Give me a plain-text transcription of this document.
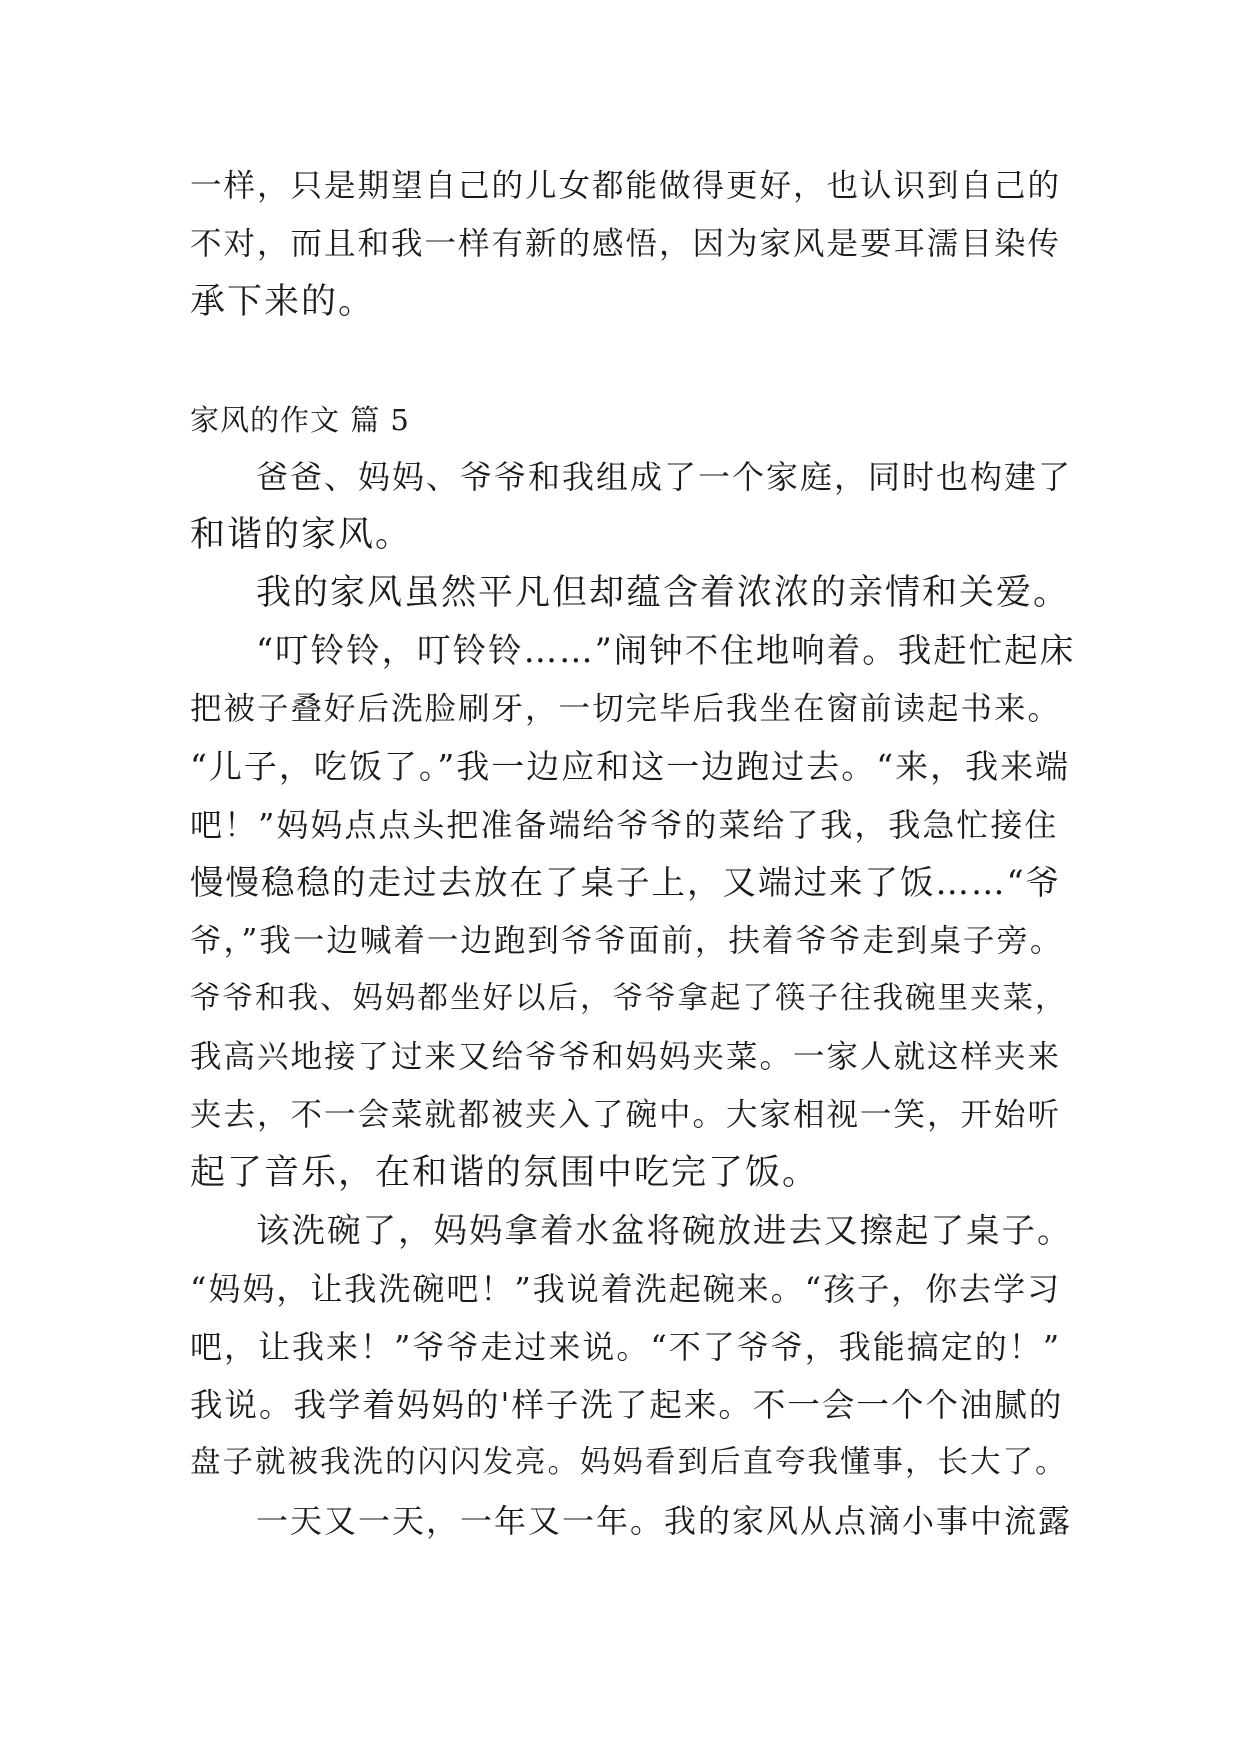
一样，只是期望自己的儿女都能做得更好，也认识到自己的
不对，而且和我一样有新的感悟，因为家风是要耳濡目染传
承下来的。
家风的作文 篇 5
爸爸、妈妈、爷爷和我组成了一个家庭，同时也构建了
和谐的家风。
我的家风虽然平凡但却蕴含着浓浓的亲情和关爱。
“叮铃铃，叮铃铃……”闹钟不住地响着。我赶忙起床
把被子叠好后洗脸刷牙，一切完毕后我坐在窗前读起书来。
“儿子，吃饭了。”我一边应和这一边跑过去。“来，我来端
吧！”妈妈点点头把准备端给爷爷的菜给了我，我急忙接住
慢慢稳稳的走过去放在了桌子上，又端过来了饭……“爷
爷，”我一边喊着一边跑到爷爷面前，扶着爷爷走到桌子旁。
爷爷和我、妈妈都坐好以后，爷爷拿起了筷子往我碗里夹菜，
我高兴地接了过来又给爷爷和妈妈夹菜。一家人就这样夹来
夹去，不一会菜就都被夹入了碗中。大家相视一笑，开始听
起了音乐，在和谐的氛围中吃完了饭。
该洗碗了，妈妈拿着水盆将碗放进去又擦起了桌子。
“妈妈，让我洗碗吧！”我说着洗起碗来。“孩子，你去学习
吧，让我来！”爷爷走过来说。“不了爷爷，我能搞定的！”
我说。我学着妈妈的'样子洗了起来。不一会一个个油腻的
盘子就被我洗的闪闪发亮。妈妈看到后直夸我懂事，长大了。
一天又一天，一年又一年。我的家风从点滴小事中流露
